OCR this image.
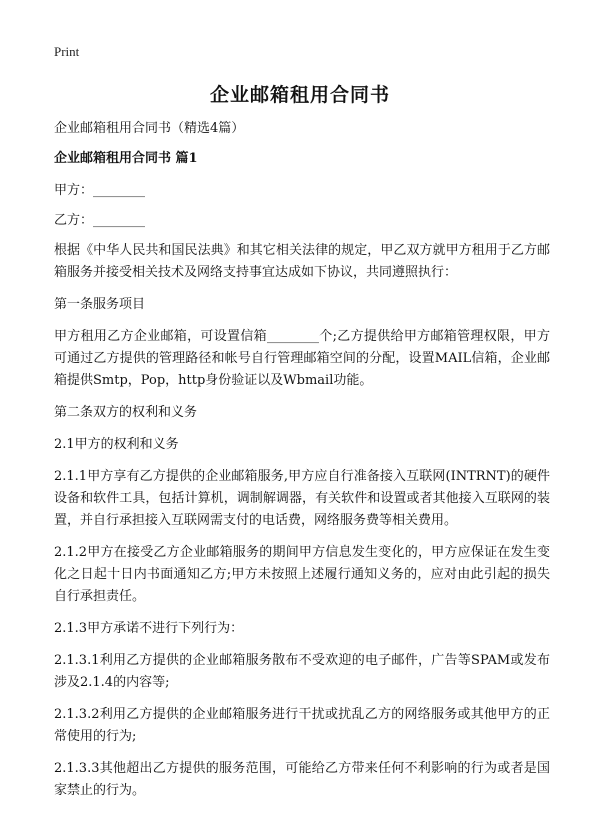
Print
企业邮箱租用合同书

企业邮箱租用合同书（精选4篇）

企业邮箱租用合同书 篇1

甲方：________

乙方：________

根据《中华人民共和国民法典》和其它相关法律的规定，甲乙双方就甲方租用于乙方邮箱服务并接受相关技术及网络支持事宜达成如下协议，共同遵照执行：

第一条服务项目

甲方租用乙方企业邮箱，可设置信箱________个;乙方提供给甲方邮箱管理权限，甲方可通过乙方提供的管理路径和帐号自行管理邮箱空间的分配，设置MAIL信箱，企业邮箱提供Smtp，Pop，http身份验证以及Wbmail功能。

第二条双方的权利和义务

2.1甲方的权利和义务

2.1.1甲方享有乙方提供的企业邮箱服务,甲方应自行准备接入互联网(INTRNT)的硬件设备和软件工具，包括计算机，调制解调器，有关软件和设置或者其他接入互联网的装置，并自行承担接入互联网需支付的电话费，网络服务费等相关费用。

2.1.2甲方在接受乙方企业邮箱服务的期间甲方信息发生变化的，甲方应保证在发生变化之日起十日内书面通知乙方;甲方未按照上述履行通知义务的，应对由此引起的损失自行承担责任。

2.1.3甲方承诺不进行下列行为：

2.1.3.1利用乙方提供的企业邮箱服务散布不受欢迎的电子邮件，广告等SPAM或发布涉及2.1.4的内容等;

2.1.3.2利用乙方提供的企业邮箱服务进行干扰或扰乱乙方的网络服务或其他甲方的正常使用的行为;

2.1.3.3其他超出乙方提供的服务范围，可能给乙方带来任何不利影响的行为或者是国家禁止的行为。
